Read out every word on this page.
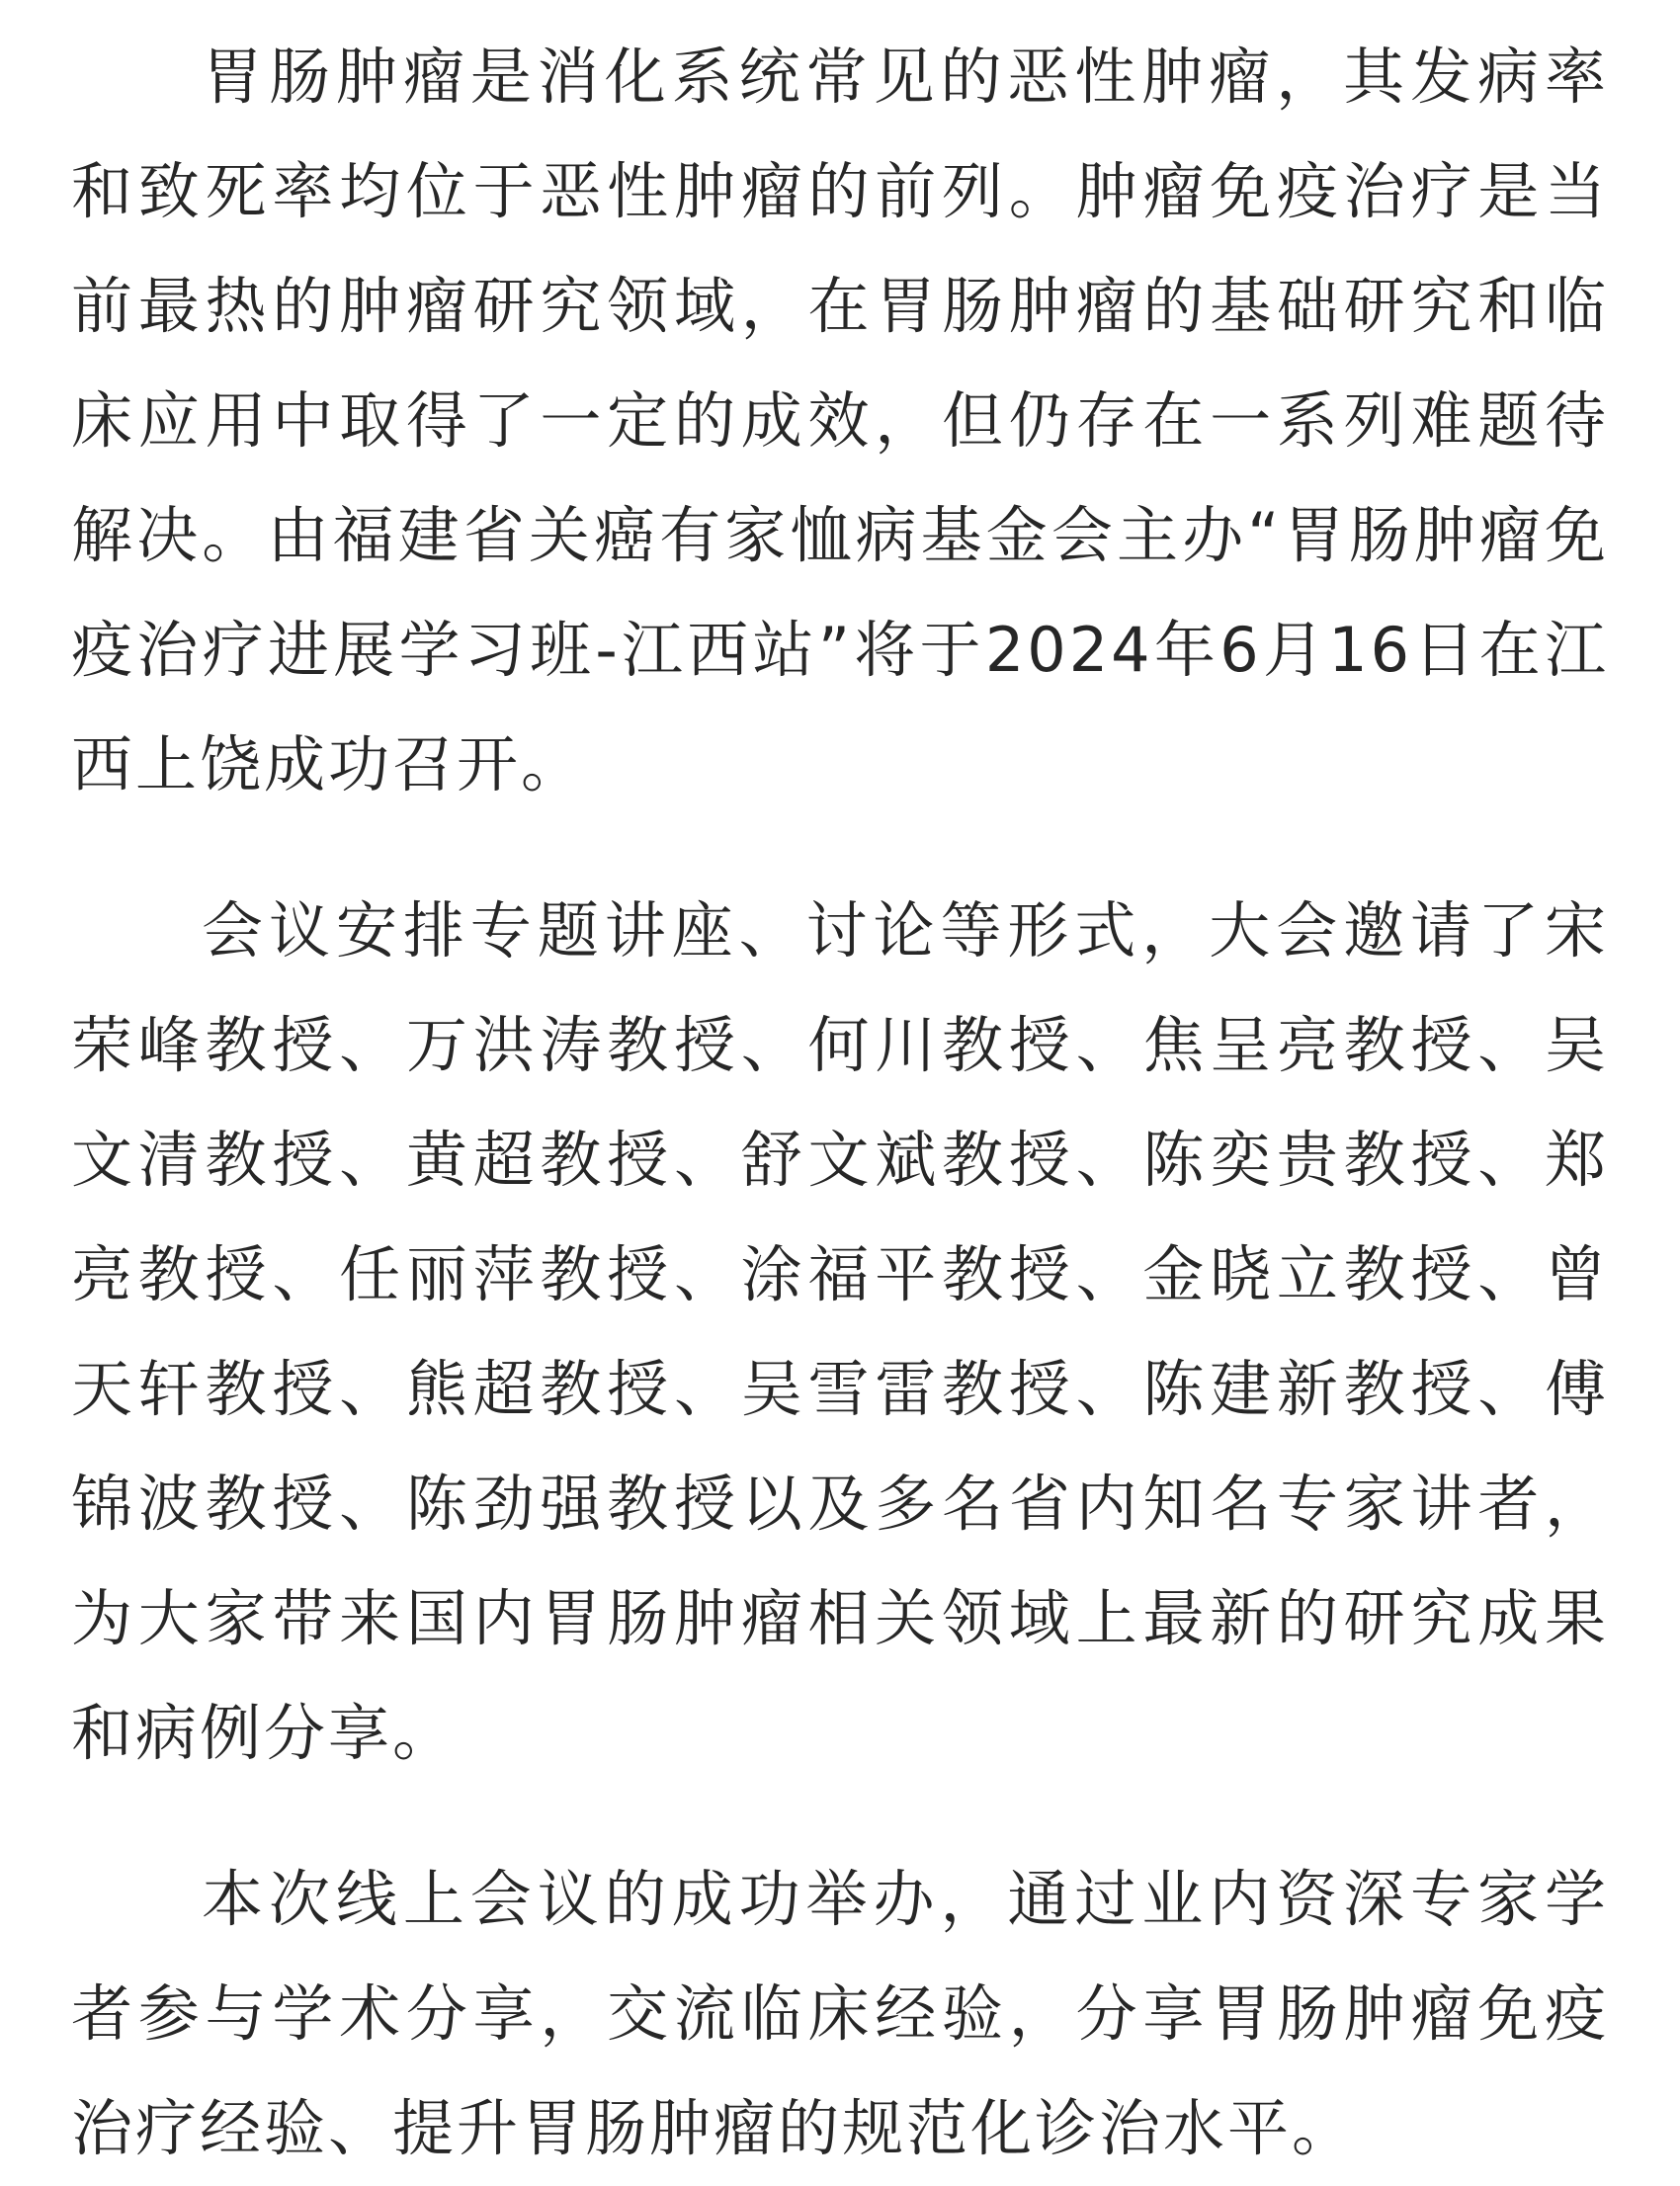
胃肠肿瘤是消化系统常见的恶性肿瘤，其发病率和致死率均位于恶性肿瘤的前列。肿瘤免疫治疗是当前最热的肿瘤研究领域，在胃肠肿瘤的基础研究和临床应用中取得了一定的成效，但仍存在一系列难题待解决。由福建省关癌有家恤病基金会主办“胃肠肿瘤免疫治疗进展学习班-江西站”将于2024年6月16日在江西上饶成功召开。

会议安排专题讲座、讨论等形式，大会邀请了宋荣峰教授、万洪涛教授、何川教授、焦呈亮教授、吴文清教授、黄超教授、舒文斌教授、陈奕贵教授、郑亮教授、任丽萍教授、涂福平教授、金晓立教授、曾天轩教授、熊超教授、吴雪雷教授、陈建新教授、傅锦波教授、陈劲强教授以及多名省内知名专家讲者，为大家带来国内胃肠肿瘤相关领域上最新的研究成果和病例分享。

本次线上会议的成功举办，通过业内资深专家学者参与学术分享，交流临床经验，分享胃肠肿瘤免疫治疗经验、提升胃肠肿瘤的规范化诊治水平。
